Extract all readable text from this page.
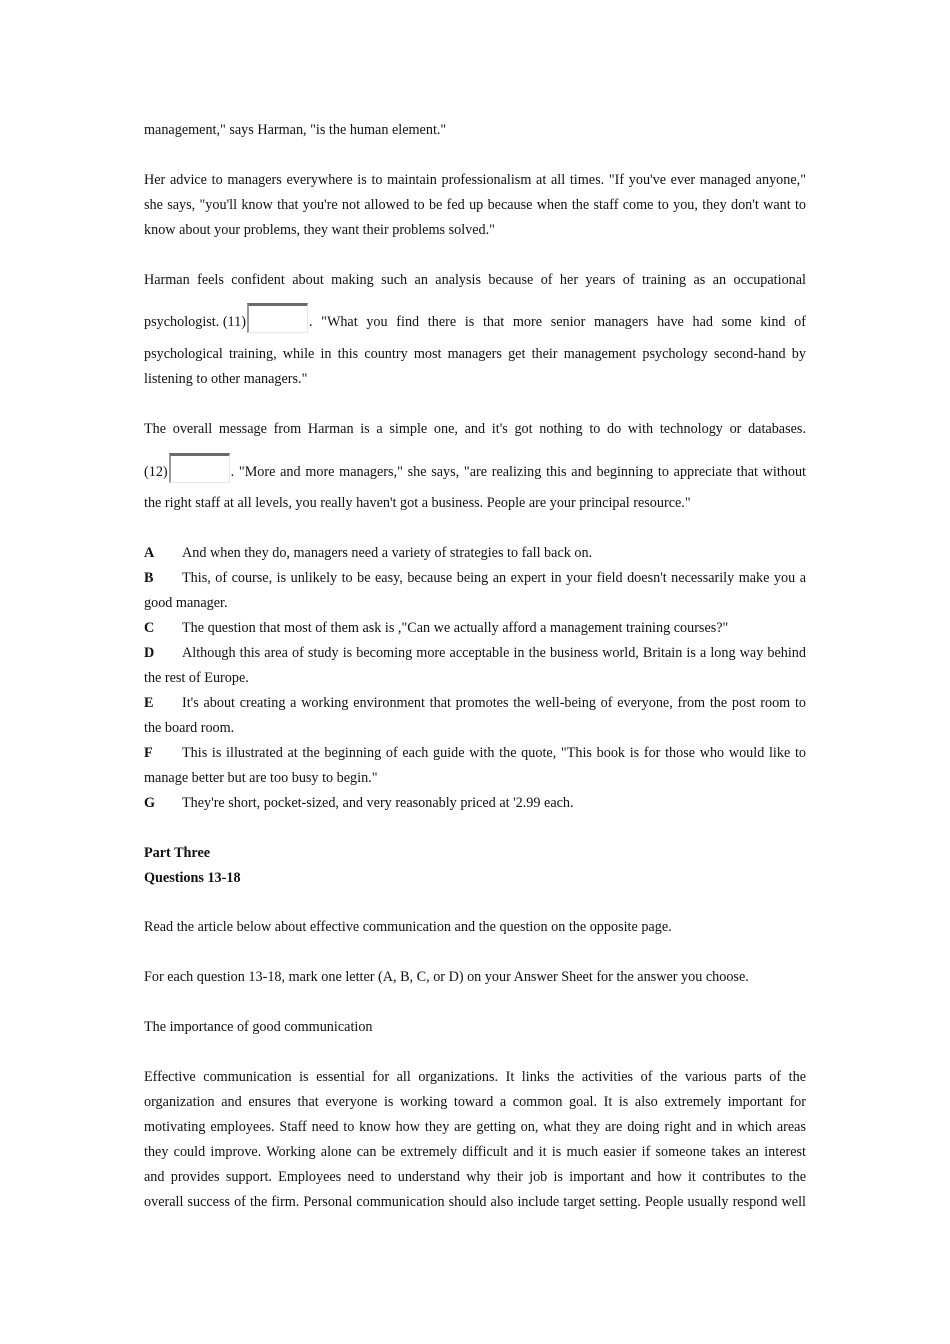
management," says Harman, "is the human element."
Her advice to managers everywhere is to maintain professionalism at all times. "If you've ever managed anyone,"
she says, "you'll know that you're not allowed to be fed up because when the staff come to you, they don't want to
know about your problems, they want their problems solved."
Harman feels confident about making such an analysis because of her years of training as an occupational
psychologist. (11)	. "What you find there is that more senior managers have had some kind of
psychological training, while in this country most managers get their management psychology second-hand by
listening to other managers."
The overall message from Harman is a simple one, and it's got nothing to do with technology or databases.
(12)	. "More and more managers," she says, "are realizing this and beginning to appreciate that without
the right staff at all levels, you really haven't got a business. People are your principal resource."
A And when they do, managers need a variety of strategies to fall back on.
B This, of course, is unlikely to be easy, because being an expert in your field doesn't necessarily make you a
good manager.
C The question that most of them ask is ,"Can we actually afford a management training courses?"
D Although this area of study is becoming more acceptable in the business world, Britain is a long way behind
the rest of Europe.
E It's about creating a working environment that promotes the well-being of everyone, from the post room to
the board room.
F This is illustrated at the beginning of each guide with the quote, "This book is for those who would like to
manage better but are too busy to begin."
G They're short, pocket-sized, and very reasonably priced at '2.99 each.
Part Three
Questions 13-18
Read the article below about effective communication and the question on the opposite page.
For each question 13-18, mark one letter (A, B, C, or D) on your Answer Sheet for the answer you choose.
The importance of good communication
Effective communication is essential for all organizations. It links the activities of the various parts of the
organization and ensures that everyone is working toward a common goal. It is also extremely important for
motivating employees. Staff need to know how they are getting on, what they are doing right and in which areas
they could improve. Working alone can be extremely difficult and it is much easier if someone takes an interest
and provides support. Employees need to understand why their job is important and how it contributes to the
overall success of the firm. Personal communication should also include target setting. People usually respond well
